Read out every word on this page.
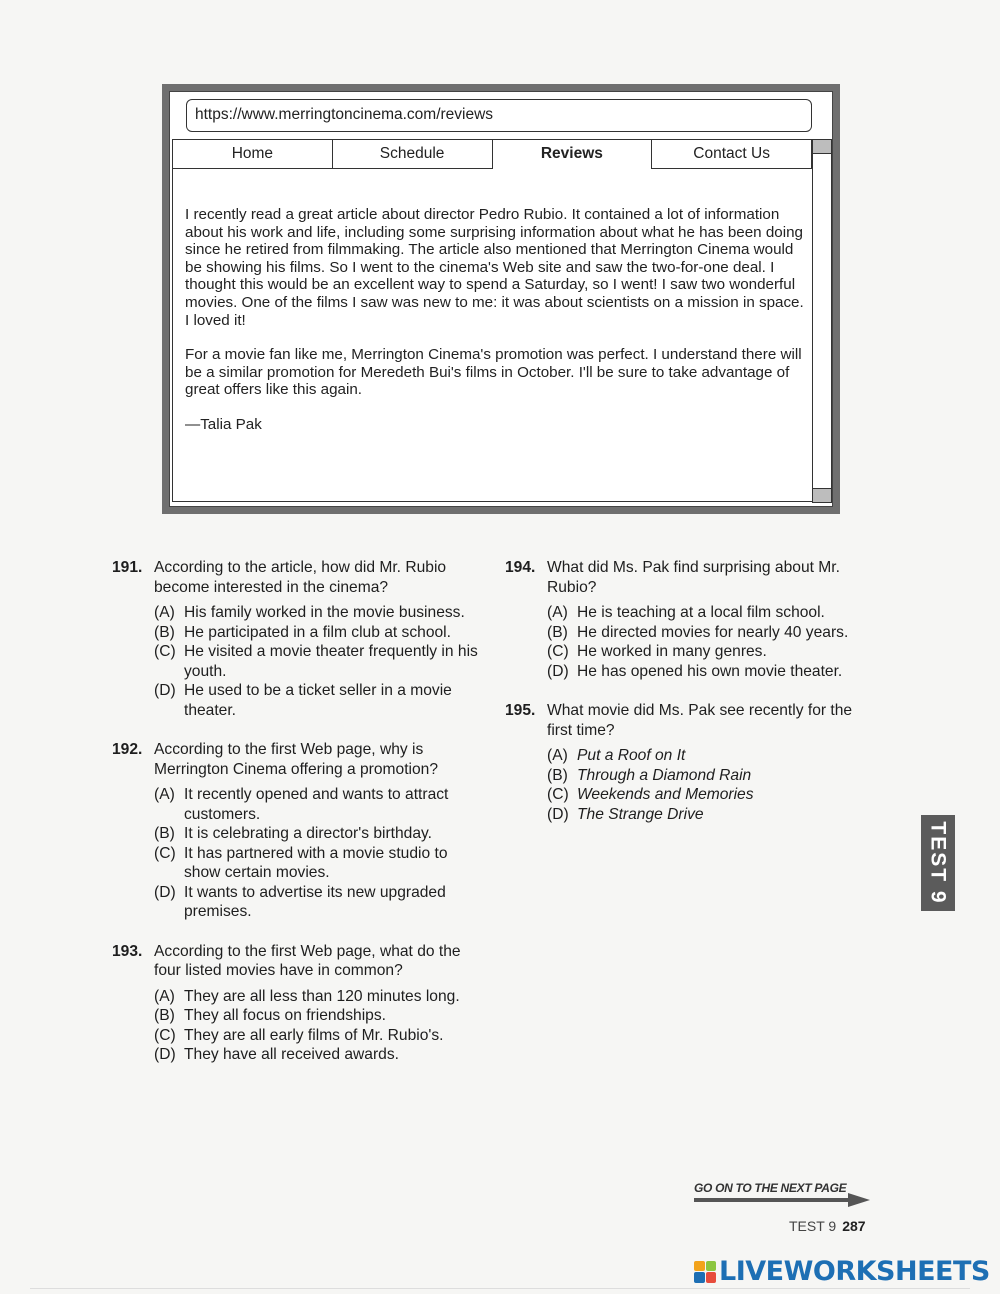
https://www.merringtoncinema.com/reviews
Home	Schedule	Reviews	Contact Us

I recently read a great article about director Pedro Rubio. It contained a lot of information about his work and life, including some surprising information about what he has been doing since he retired from filmmaking. The article also mentioned that Merrington Cinema would be showing his films. So I went to the cinema's Web site and saw the two-for-one deal. I thought this would be an excellent way to spend a Saturday, so I went! I saw two wonderful movies. One of the films I saw was new to me: it was about scientists on a mission in space. I loved it!

For a movie fan like me, Merrington Cinema's promotion was perfect. I understand there will be a similar promotion for Meredeth Bui's films in October. I'll be sure to take advantage of great offers like this again.

—Talia Pak

191. According to the article, how did Mr. Rubio become interested in the cinema?
(A) His family worked in the movie business.
(B) He participated in a film club at school.
(C) He visited a movie theater frequently in his youth.
(D) He used to be a ticket seller in a movie theater.
192. According to the first Web page, why is Merrington Cinema offering a promotion?
(A) It recently opened and wants to attract customers.
(B) It is celebrating a director's birthday.
(C) It has partnered with a movie studio to show certain movies.
(D) It wants to advertise its new upgraded premises.
193. According to the first Web page, what do the four listed movies have in common?
(A) They are all less than 120 minutes long.
(B) They all focus on friendships.
(C) They are all early films of Mr. Rubio's.
(D) They have all received awards.
194. What did Ms. Pak find surprising about Mr. Rubio?
(A) He is teaching at a local film school.
(B) He directed movies for nearly 40 years.
(C) He worked in many genres.
(D) He has opened his own movie theater.
195. What movie did Ms. Pak see recently for the first time?
(A) Put a Roof on It
(B) Through a Diamond Rain
(C) Weekends and Memories
(D) The Strange Drive
TEST 9
GO ON TO THE NEXT PAGE
TEST 9 287
LIVEWORKSHEETS
